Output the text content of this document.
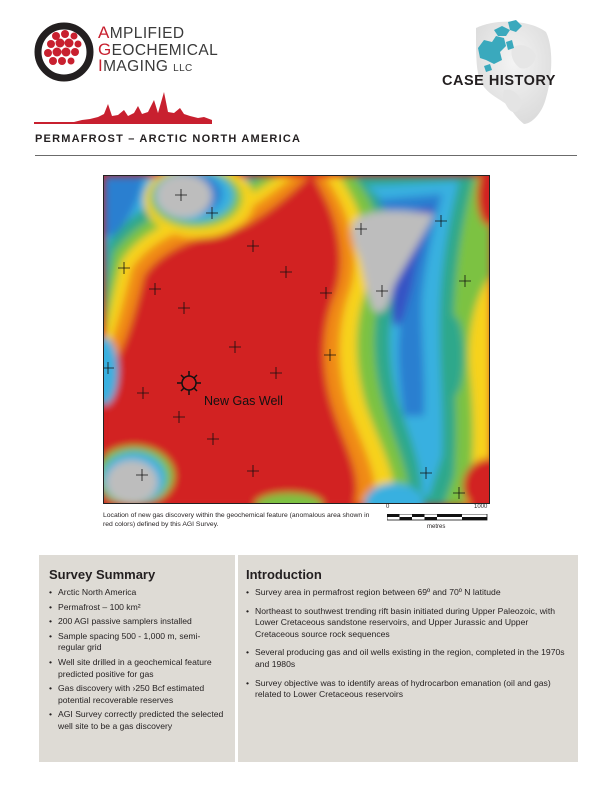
AMPLIFIED
GEOCHEMICAL
IMAGING LLC
CASE HISTORY
PERMAFROST – ARCTIC NORTH AMERICA
New Gas Well
Location of new gas discovery within the geochemical feature (anomalous area shown in red colors) defined by this AGI Survey.
0	1000
metres
Survey Summary
• Arctic North America
• Permafrost – 100 km²
• 200 AGI passive samplers installed
• Sample spacing 500 - 1,000 m, semi-regular grid
• Well site drilled in a geochemical feature predicted positive for gas
• Gas discovery with ›250 Bcf estimated potential recoverable reserves
• AGI Survey correctly predicted the selected well site to be a gas discovery
Introduction
• Survey area in permafrost region between 69º and 70º N latitude
• Northeast to southwest trending rift basin initiated during Upper Paleozoic, with Lower Cretaceous sandstone reservoirs, and Upper Jurassic and Upper Cretaceous source rock sequences
• Several producing gas and oil wells existing in the region, completed in the 1970s and 1980s
• Survey objective was to identify areas of hydrocarbon emanation (oil and gas) related to Lower Cretaceous reservoirs
